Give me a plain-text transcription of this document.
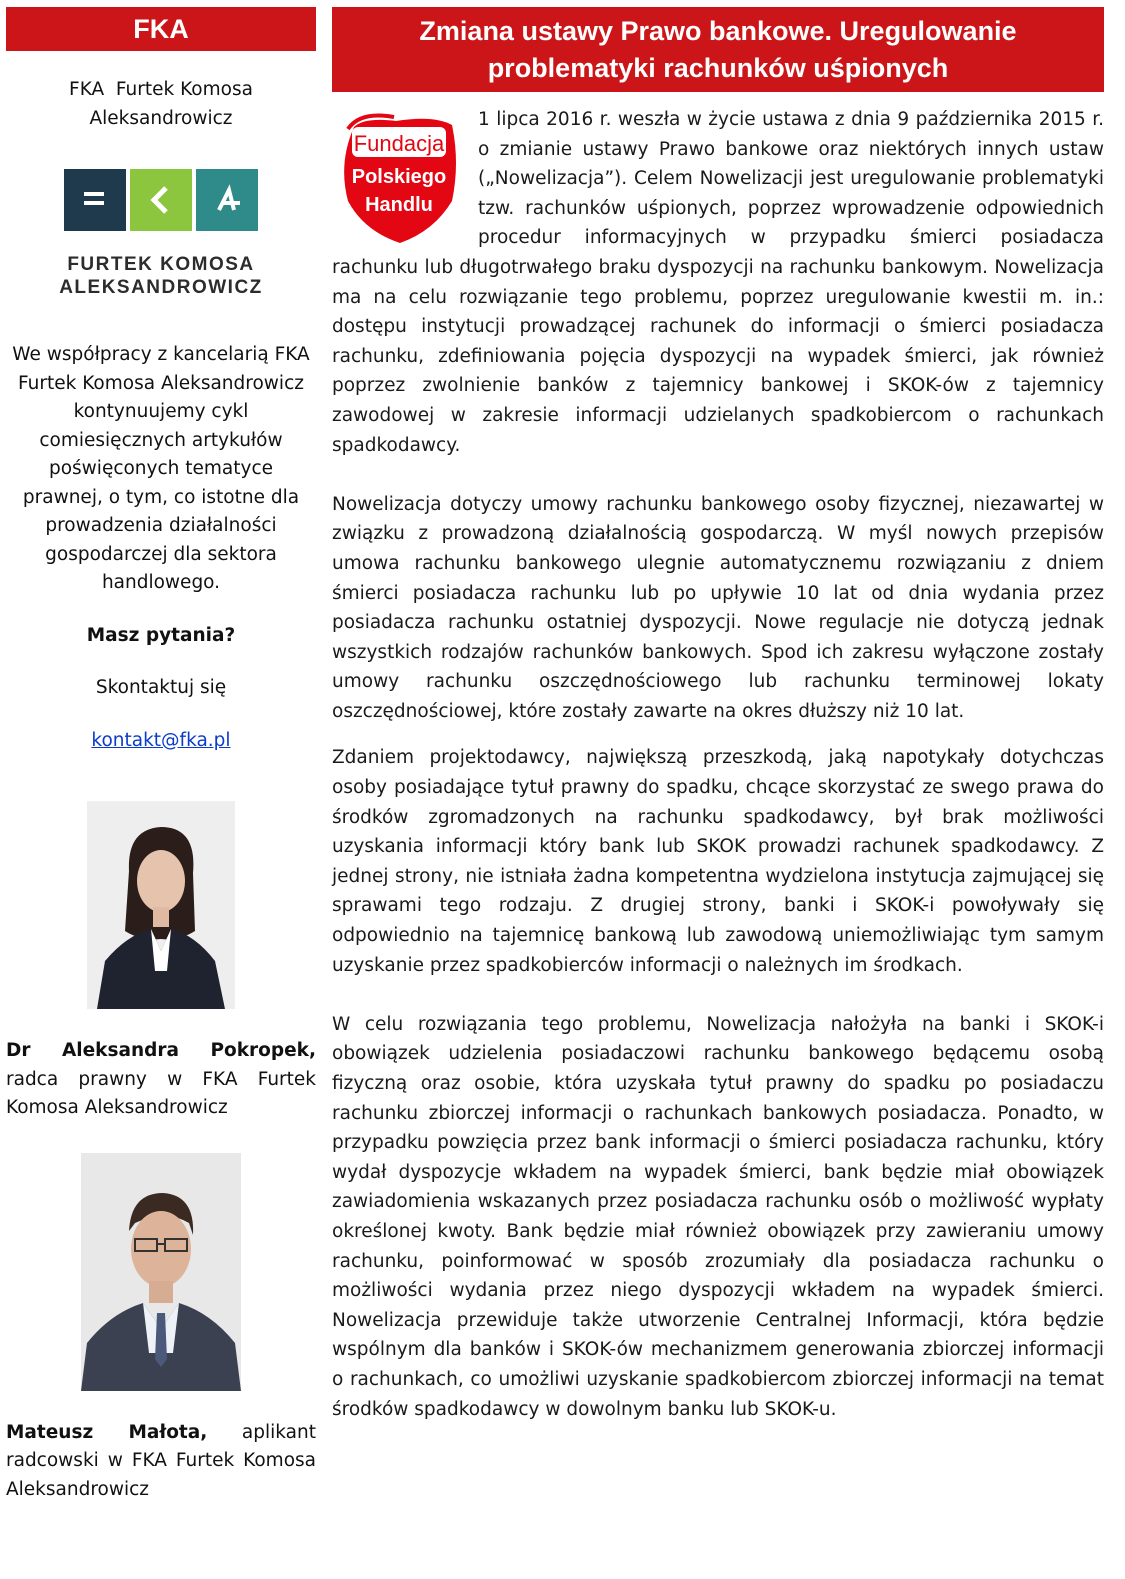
FKA
FKA  Furtek Komosa
Aleksandrowicz
FURTEK KOMOSA
ALEKSANDROWICZ
We współpracy z kancelarią FKA Furtek Komosa Aleksandrowicz kontynuujemy cykl comiesięcznych artykułów poświęconych tematyce prawnej, o tym, co istotne dla prowadzenia działalności gospodarczej dla sektora handlowego.
Masz pytania?
Skontaktuj się
kontakt@fka.pl
Dr Aleksandra Pokropek, radca prawny w FKA Furtek Komosa Aleksandrowicz
Mateusz Małota, aplikant radcowski w FKA Furtek Komosa Aleksandrowicz
Zmiana ustawy Prawo bankowe. Uregulowanie
problematyki rachunków uśpionych
Fundacja
Polskiego
Handlu

1 lipca 2016 r. weszła w życie ustawa z dnia 9 października 2015 r. o zmianie ustawy Prawo bankowe oraz niektórych innych ustaw („Nowelizacja”). Celem Nowelizacji jest uregulowanie problematyki tzw. rachunków uśpionych, poprzez wprowadzenie odpowiednich procedur informacyjnych w przypadku śmierci posiadacza rachunku lub długotrwałego braku dyspozycji na rachunku bankowym. Nowelizacja ma na celu rozwiązanie tego problemu, poprzez uregulowanie kwestii m. in.: dostępu instytucji prowadzącej rachunek do informacji o śmierci posiadacza rachunku, zdefiniowania pojęcia dyspozycji na wypadek śmierci, jak również poprzez zwolnienie banków z tajemnicy bankowej i SKOK-ów z tajemnicy zawodowej w zakresie informacji udzielanych spadkobiercom o rachunkach spadkodawcy.

Nowelizacja dotyczy umowy rachunku bankowego osoby fizycznej, niezawartej w związku z prowadzoną działalnością gospodarczą. W myśl nowych przepisów umowa rachunku bankowego ulegnie automatycznemu rozwiązaniu z dniem śmierci posiadacza rachunku lub po upływie 10 lat od dnia wydania przez posiadacza rachunku ostatniej dyspozycji. Nowe regulacje nie dotyczą jednak wszystkich rodzajów rachunków bankowych. Spod ich zakresu wyłączone zostały umowy rachunku oszczędnościowego lub rachunku terminowej lokaty oszczędnościowej, które zostały zawarte na okres dłuższy niż 10 lat.

Zdaniem projektodawcy, największą przeszkodą, jaką napotykały dotychczas osoby posiadające tytuł prawny do spadku, chcące skorzystać ze swego prawa do środków zgromadzonych na rachunku spadkodawcy, był brak możliwości uzyskania informacji który bank lub SKOK prowadzi rachunek spadkodawcy. Z jednej strony, nie istniała żadna kompetentna wydzielona instytucja zajmującej się sprawami tego rodzaju. Z drugiej strony, banki i SKOK-i powoływały się odpowiednio na tajemnicę bankową lub zawodową uniemożliwiając tym samym uzyskanie przez spadkobierców informacji o należnych im środkach.

W celu rozwiązania tego problemu, Nowelizacja nałożyła na banki i SKOK-i obowiązek udzielenia posiadaczowi rachunku bankowego będącemu osobą fizyczną oraz osobie, która uzyskała tytuł prawny do spadku po posiadaczu rachunku zbiorczej informacji o rachunkach bankowych posiadacza. Ponadto, w przypadku powzięcia przez bank informacji o śmierci posiadacza rachunku, który wydał dyspozycje wkładem na wypadek śmierci, bank będzie miał obowiązek zawiadomienia wskazanych przez posiadacza rachunku osób o możliwość wypłaty określonej kwoty. Bank będzie miał również obowiązek przy zawieraniu umowy rachunku, poinformować w sposób zrozumiały dla posiadacza rachunku o możliwości wydania przez niego dyspozycji wkładem na wypadek śmierci. Nowelizacja przewiduje także utworzenie Centralnej Informacji, która będzie wspólnym dla banków i SKOK-ów mechanizmem generowania zbiorczej informacji o rachunkach, co umożliwi uzyskanie spadkobiercom zbiorczej informacji na temat środków spadkodawcy w dowolnym banku lub SKOK-u.
